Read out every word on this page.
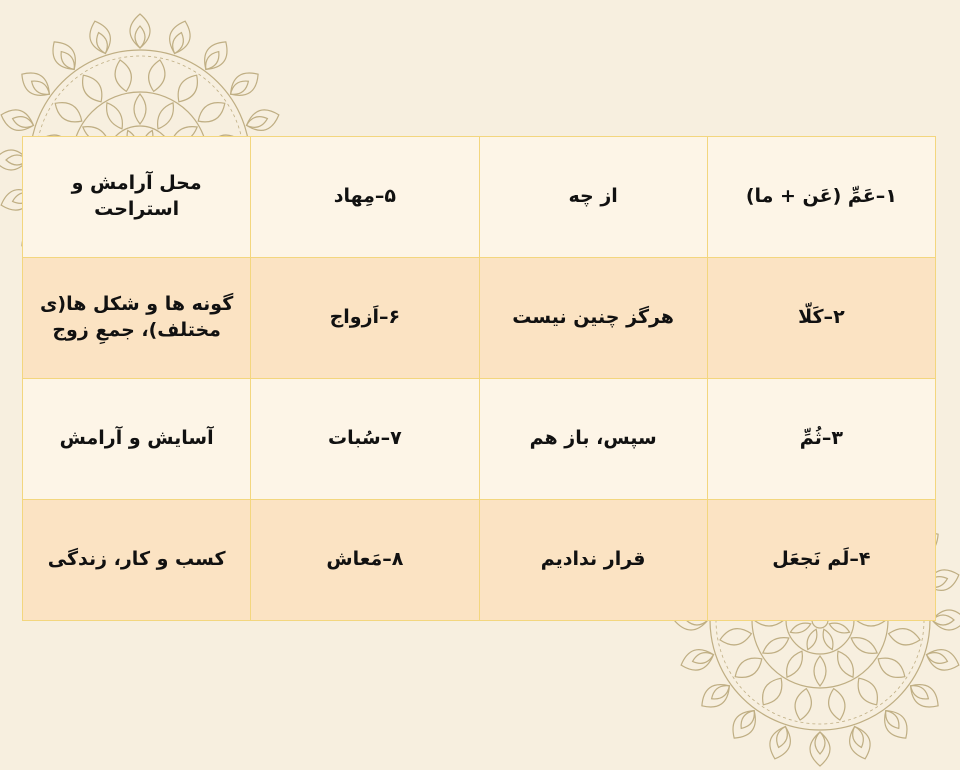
۱–عَمِّ (عَن + ما)	از چه	۵–مِهاد	محل آرامش و استراحت
۲–کَلّا	هرگز چنین نیست	۶–اَزواج	گونه ها و شکل ها(ی مختلف)، جمعِ زوج
۳–ثُمِّ	سپس، باز هم	۷–سُبات	آسایش و آرامش
۴–لَم نَجعَل	قرار ندادیم	۸–مَعاش	کسب و کار، زندگی
